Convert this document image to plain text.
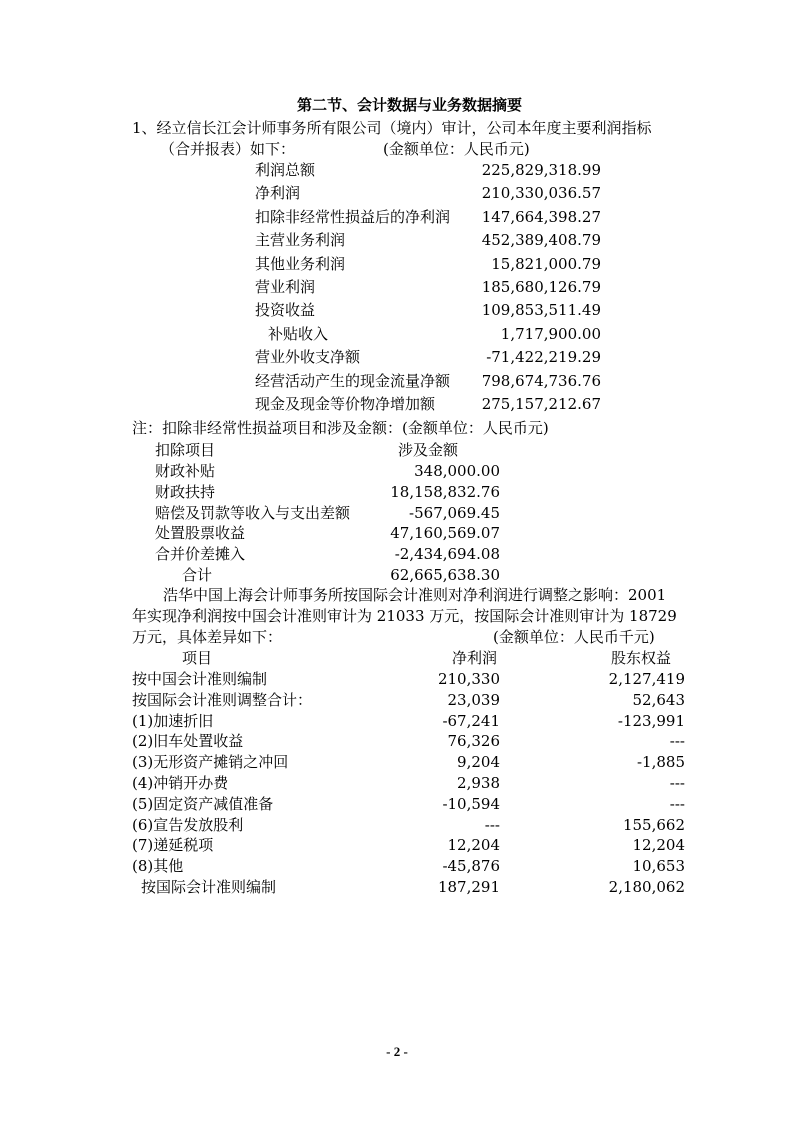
第二节、会计数据与业务数据摘要
1、经立信长江会计师事务所有限公司（境内）审计，公司本年度主要利润指标
（合并报表）如下：	(金额单位：人民币元)
利润总额	225,829,318.99
净利润	210,330,036.57
扣除非经常性损益后的净利润 147,664,398.27
主营业务利润	452,389,408.79
其他业务利润	15,821,000.79
营业利润	185,680,126.79
投资收益	109,853,511.49
补贴收入	1,717,900.00
营业外收支净额	-71,422,219.29
经营活动产生的现金流量净额 798,674,736.76
现金及现金等价物净增加额	275,157,212.67
注：扣除非经常性损益项目和涉及金额：(金额单位：人民币元)
扣除项目	涉及金额
财政补贴	348,000.00
财政扶持	18,158,832.76
赔偿及罚款等收入与支出差额	-567,069.45
处置股票收益	47,160,569.07
合并价差摊入	-2,434,694.08
合计	62,665,638.30
浩华中国上海会计师事务所按国际会计准则对净利润进行调整之影响：2001
年实现净利润按中国会计准则审计为 21033 万元，按国际会计准则审计为 18729
万元，具体差异如下：	(金额单位：人民币千元)
项目	净利润	股东权益
按中国会计准则编制	210,330	2,127,419
按国际会计准则调整合计：	23,039	52,643
(1)加速折旧	-67,241	-123,991
(2)旧车处置收益	76,326	---
(3)无形资产摊销之冲回	9,204	-1,885
(4)冲销开办费	2,938	---
(5)固定资产减值准备	-10,594	---
(6)宣告发放股利	---	155,662
(7)递延税项	12,204	12,204
(8)其他	-45,876	10,653
按国际会计准则编制	187,291	2,180,062
- 2 -
